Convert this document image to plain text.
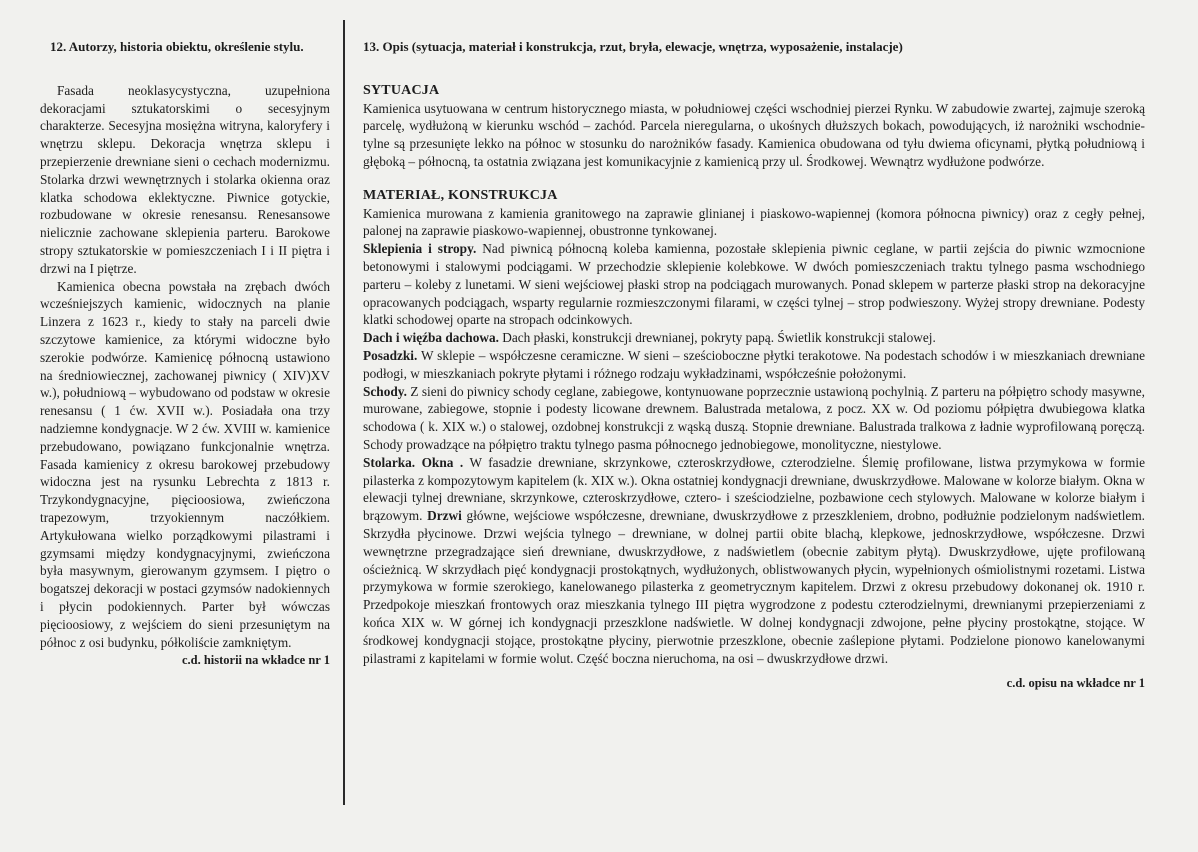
12. Autorzy, historia obiektu, określenie stylu.

Fasada neoklasycystyczna, uzupełniona dekoracjami sztukatorskimi o secesyjnym charakterze. Secesyjna mosiężna witryna, kaloryfery i wnętrzu sklepu. Dekoracja wnętrza sklepu i przepierzenie drewniane sieni o cechach modernizmu. Stolarka drzwi wewnętrznych i stolarka okienna oraz klatka schodowa eklektyczne. Piwnice gotyckie, rozbudowane w okresie renesansu. Renesansowe nielicznie zachowane sklepienia parteru. Barokowe stropy sztukatorskie w pomieszczeniach I i II piętra i drzwi na I piętrze.

Kamienica obecna powstała na zrębach dwóch wcześniejszych kamienic, widocznych na planie Linzera z 1623 r., kiedy to stały na parceli dwie szczytowe kamienice, za którymi widoczne było szerokie podwórze. Kamienicę północną ustawiono na średniowiecznej, zachowanej piwnicy ( XIV)XV w.), południową – wybudowano od podstaw w okresie renesansu ( 1 ćw. XVII w.). Posiadała ona trzy nadziemne kondygnacje. W 2 ćw. XVIII w. kamienice przebudowano, powiązano funkcjonalnie wnętrza. Fasada kamienicy z okresu barokowej przebudowy widoczna jest na rysunku Lebrechta z 1813 r. Trzykondygnacyjne, pięcioosiowa, zwieńczona trapezowym, trzyokiennym naczółkiem. Artykułowana wielko porządkowymi pilastrami i gzymsami między kondygnacyjnymi, zwieńczona była masywnym, gierowanym gzymsem. I piętro o bogatszej dekoracji w postaci gzymsów nadokiennych i płycin podokiennych. Parter był wówczas pięcioosiowy, z wejściem do sieni przesuniętym na północ z osi budynku, półkoliście zamkniętym.

c.d. historii na wkładce nr 1
13. Opis (sytuacja, materiał i konstrukcja, rzut, bryła, elewacje, wnętrza, wyposażenie, instalacje)
SYTUACJA

Kamienica usytuowana w centrum historycznego miasta, w południowej części wschodniej pierzei Rynku. W zabudowie zwartej, zajmuje szeroką parcelę, wydłużoną w kierunku wschód – zachód. Parcela nieregularna, o ukośnych dłuższych bokach, powodujących, iż narożniki wschodnie-tylne są przesunięte lekko na północ w stosunku do narożników fasady. Kamienica obudowana od tyłu dwiema oficynami, płytką południową i głęboką – północną, ta ostatnia związana jest komunikacyjnie z kamienicą przy ul. Środkowej. Wewnątrz wydłużone podwórze.

MATERIAŁ, KONSTRUKCJA

Kamienica murowana z kamienia granitowego na zaprawie glinianej i piaskowo-wapiennej (komora północna piwnicy) oraz z cegły pełnej, palonej na zaprawie piaskowo-wapiennej, obustronne tynkowanej.

Sklepienia i stropy. Nad piwnicą północną koleba kamienna, pozostałe sklepienia piwnic ceglane, w partii zejścia do piwnic wzmocnione betonowymi i stalowymi podciągami. W przechodzie sklepienie kolebkowe. W dwóch pomieszczeniach traktu tylnego pasma wschodniego parteru – koleby z lunetami. W sieni wejściowej płaski strop na podciągach murowanych. Ponad sklepem w parterze płaski strop na dekoracyjne opracowanych podciągach, wsparty regularnie rozmieszczonymi filarami, w części tylnej – strop podwieszony. Wyżej stropy drewniane. Podesty klatki schodowej oparte na stropach odcinkowych.

Dach i więźba dachowa. Dach płaski, konstrukcji drewnianej, pokryty papą. Świetlik konstrukcji stalowej.

Posadzki. W sklepie – współczesne ceramiczne. W sieni – sześcioboczne płytki terakotowe. Na podestach schodów i w mieszkaniach drewniane podłogi, w mieszkaniach pokryte płytami i różnego rodzaju wykładzinami, współcześnie położonymi.

Schody. Z sieni do piwnicy schody ceglane, zabiegowe, kontynuowane poprzecznie ustawioną pochylnią. Z parteru na półpiętro schody masywne, murowane, zabiegowe, stopnie i podesty licowane drewnem. Balustrada metalowa, z pocz. XX w. Od poziomu półpiętra dwubiegowa klatka schodowa ( k. XIX w.) o stalowej, ozdobnej konstrukcji z wąską duszą. Stopnie drewniane. Balustrada tralkowa z ładnie wyprofilowaną poręczą. Schody prowadzące na półpiętro traktu tylnego pasma północnego jednobiegowe, monolityczne, niestylowe.

Stolarka. Okna . W fasadzie drewniane, skrzynkowe, czteroskrzydłowe, czterodzielne. Ślemię profilowane, listwa przymykowa w formie pilasterka z kompozytowym kapitelem (k. XIX w.). Okna ostatniej kondygnacji drewniane, dwuskrzydłowe. Malowane w kolorze białym. Okna w elewacji tylnej drewniane, skrzynkowe, czteroskrzydłowe, cztero- i sześciodzielne, pozbawione cech stylowych. Malowane w kolorze białym i brązowym. Drzwi główne, wejściowe współczesne, drewniane, dwuskrzydłowe z przeszkleniem, drobno, podłużnie podzielonym nadświetlem. Skrzydła płycinowe. Drzwi wejścia tylnego – drewniane, w dolnej partii obite blachą, klepkowe, jednoskrzydłowe, współczesne. Drzwi wewnętrzne przegradzające sień drewniane, dwuskrzydłowe, z nadświetlem (obecnie zabitym płytą). Dwuskrzydłowe, ujęte profilowaną ościeżnicą. W skrzydłach pięć kondygnacji prostokątnych, wydłużonych, oblistwowanych płycin, wypełnionych ośmiolistnymi rozetami. Listwa przymykowa w formie szerokiego, kanelowanego pilasterka z geometrycznym kapitelem. Drzwi z okresu przebudowy dokonanej ok. 1910 r. Przedpokoje mieszkań frontowych oraz mieszkania tylnego III piętra wygrodzone z podestu czterodzielnymi, drewnianymi przepierzeniami z końca XIX w. W górnej ich kondygnacji przeszklone nadświetle. W dolnej kondygnacji zdwojone, pełne płyciny prostokątne, stojące. W środkowej kondygnacji stojące, prostokątne płyciny, pierwotnie przeszklone, obecnie zaślepione płytami. Podzielone pionowo kanelowanymi pilastrami z kapitelami w formie wolut. Część boczna nieruchoma, na osi – dwuskrzydłowe drzwi.

c.d. opisu na wkładce nr 1
